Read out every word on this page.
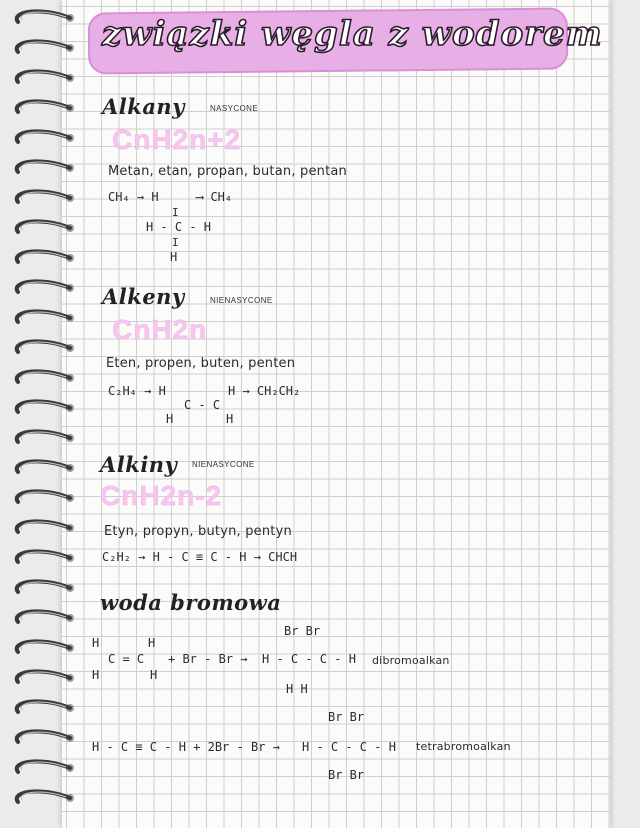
związki węgla z wodorem
Alkany	NASYCONE
CnH2n+2
Metan, etan, propan, butan, pentan
CH₄ → H	⟶ CH₄
I
H - C - H
I
H
Alkeny	NIENASYCONE
CnH2n
Eten, propen, buten, penten
C₂H₄ → H
C - C
H → CH₂CH₂
H	H
Alkiny NIENASYCONE
CnH2n-2
Etyn, propyn, butyn, pentyn
C₂H₂ → H - C ≡ C - H → CHCH
woda bromowa
H	H
C = C + Br - Br →
H	H
Br Br
H - C - C - H
H H
dibromoalkan
H - C ≡ C - H + 2Br - Br →
Br Br
H - C - C - H
Br Br
tetrabromoalkan
